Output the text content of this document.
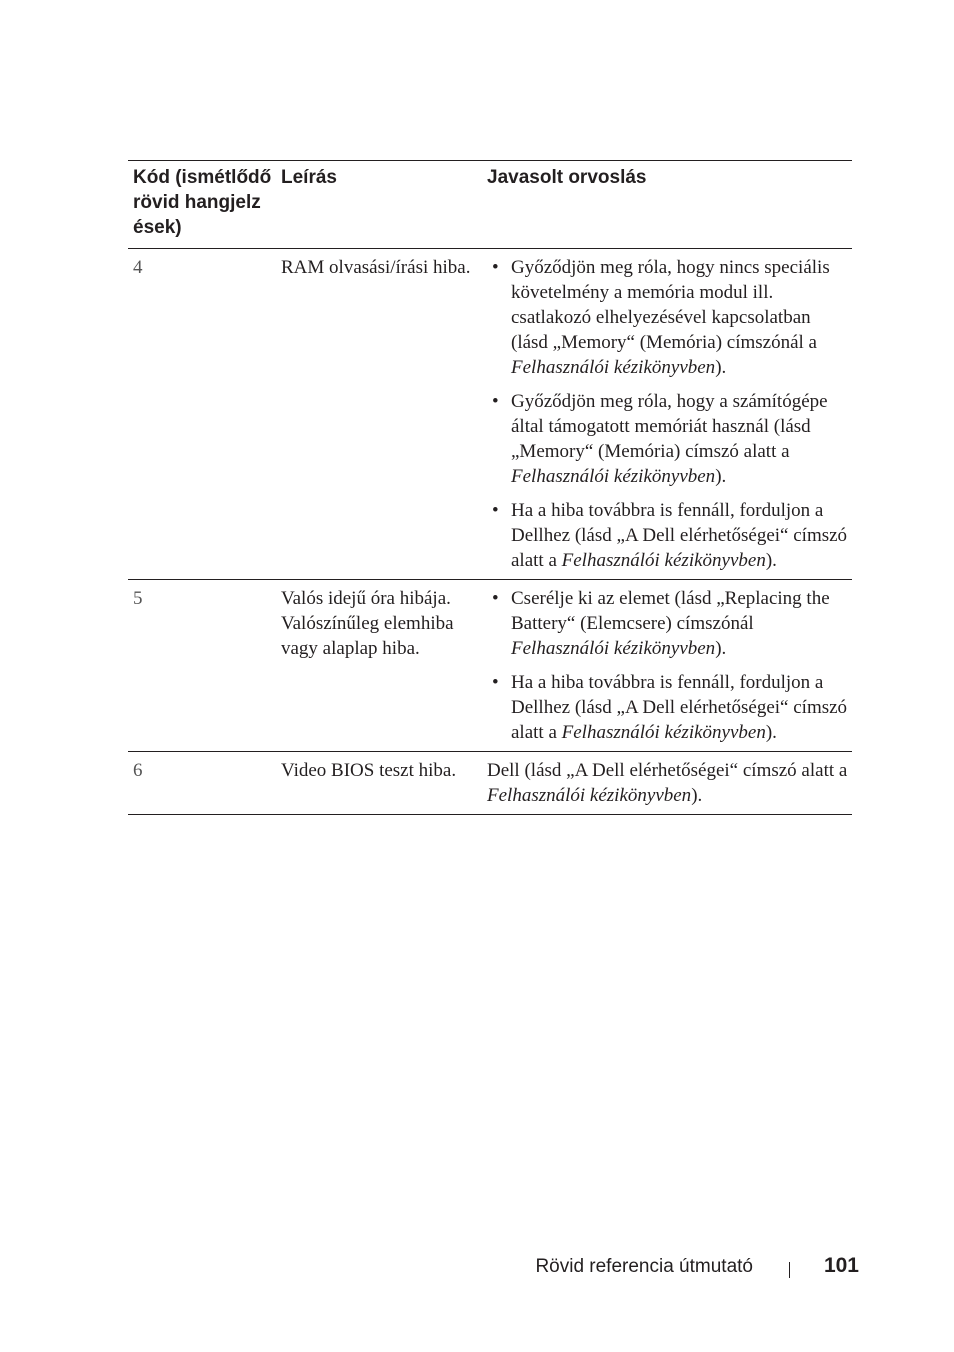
Kód (ismétlődő rövid hangjelz ések)
Leírás	Javasolt orvoslás
4	RAM olvasási/írási hiba.
•	Győződjön meg róla, hogy nincs speciális követelmény a memória modul ill. csatlakozó elhelyezésével kapcsolatban (lásd „Memory“ (Memória) címszónál a Felhasználói kézikönyvben).
• Győződjön meg róla, hogy a számítógépe által támogatott memóriát használ (lásd „Memory“ (Memória) címszó alatt a Felhasználói kézikönyvben).
• Ha a hiba továbbra is fennáll, forduljon a Dellhez (lásd „A Dell elérhetőségei“ címszó alatt a Felhasználói kézikönyvben).
5	Valós idejű óra hibája. Valószínűleg elemhiba vagy alaplap hiba.
• Cserélje ki az elemet (lásd „Replacing the Battery“ (Elemcsere) címszónál Felhasználói kézikönyvben).
• Ha a hiba továbbra is fennáll, forduljon a Dellhez (lásd „A Dell elérhetőségei“ címszó alatt a Felhasználói kézikönyvben).
6	Video BIOS teszt hiba.	Dell (lásd „A Dell elérhetőségei“ címszó alatt a Felhasználói kézikönyvben).
Rövid referencia útmutató	101
